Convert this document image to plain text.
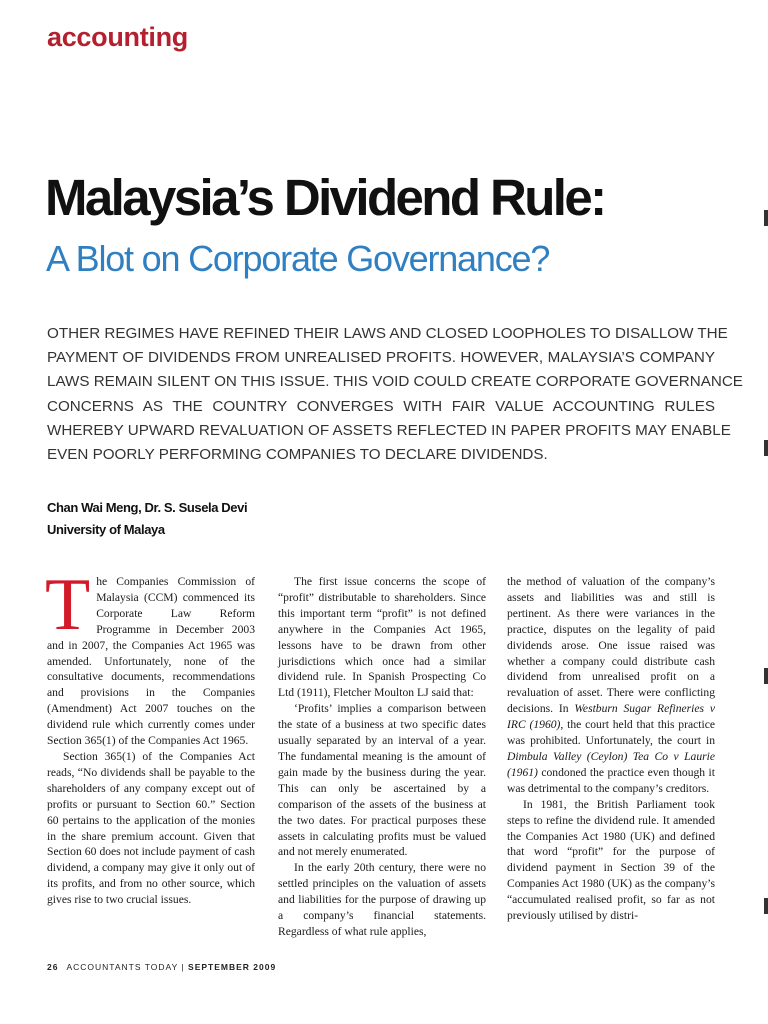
accounting
Malaysia’s Dividend Rule:
A Blot on Corporate Governance?
OTHER REGIMES HAVE REFINED THEIR LAWS AND CLOSED LOOPHOLES TO DISALLOW THE
PAYMENT OF DIVIDENDS FROM UNREALISED PROFITS. HOWEVER, MALAYSIA’S COMPANY
LAWS REMAIN SILENT ON THIS ISSUE. THIS VOID COULD CREATE CORPORATE GOVERNANCE
CONCERNS AS THE COUNTRY CONVERGES WITH FAIR VALUE ACCOUNTING RULES
WHEREBY UPWARD REVALUATION OF ASSETS REFLECTED IN PAPER PROFITS MAY ENABLE
EVEN POORLY PERFORMING COMPANIES TO DECLARE DIVIDENDS.
Chan Wai Meng, Dr. S. Susela Devi
University of Malaya

The Companies Commission of Malaysia (CCM) commenced its Corporate Law Reform Programme in December 2003 and in 2007, the Companies Act 1965 was amended. Unfortunately, none of the consultative documents, recommendations and provisions in the Companies (Amendment) Act 2007 touches on the dividend rule which currently comes under Section 365(1) of the Companies Act 1965.

Section 365(1) of the Companies Act reads, “No dividends shall be payable to the shareholders of any company except out of profits or pursuant to Section 60.” Section 60 pertains to the application of the monies in the share premium account. Given that Section 60 does not include payment of cash dividend, a company may give it only out of its profits, and from no other source, which gives rise to two crucial issues.

The first issue concerns the scope of “profit” distributable to shareholders. Since this important term “profit” is not defined anywhere in the Companies Act 1965, lessons have to be drawn from other jurisdictions which once had a similar dividend rule. In Spanish Prospecting Co Ltd (1911), Fletcher Moulton LJ said that:

‘Profits’ implies a comparison between the state of a business at two specific dates usually separated by an interval of a year. The fundamental meaning is the amount of gain made by the business during the year. This can only be ascertained by a comparison of the assets of the business at the two dates. For practical purposes these assets in calculating profits must be valued and not merely enumerated.

In the early 20th century, there were no settled principles on the valuation of assets and liabilities for the purpose of drawing up a company’s financial statements. Regardless of what rule applies,

the method of valuation of the company’s assets and liabilities was and still is pertinent. As there were variances in the practice, disputes on the legality of paid dividends arose. One issue raised was whether a company could distribute cash dividend from unrealised profit on a revaluation of asset. There were conflicting decisions. In Westburn Sugar Refineries v IRC (1960), the court held that this practice was prohibited. Unfortunately, the court in Dimbula Valley (Ceylon) Tea Co v Laurie (1961) condoned the practice even though it was detrimental to the company’s creditors.

In 1981, the British Parliament took steps to refine the dividend rule. It amended the Companies Act 1980 (UK) and defined that word “profit” for the purpose of dividend payment in Section 39 of the Companies Act 1980 (UK) as the company’s “accumulated realised profit, so far as not previously utilised by distri-

26 ACCOUNTANTS TODAY | SEPTEMBER 2009
